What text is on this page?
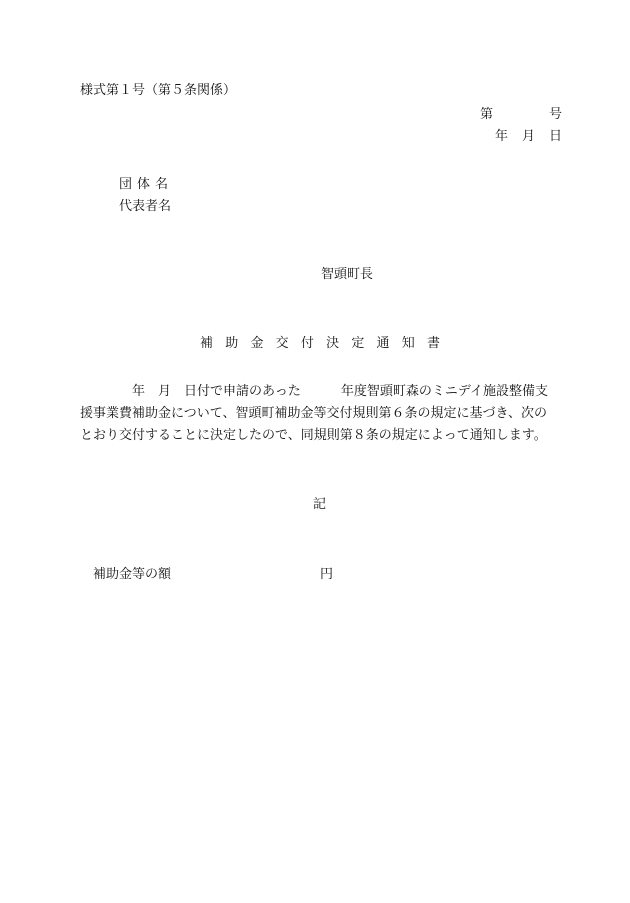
様式第１号（第５条関係）
第	号
年 月 日
団体名
代表者名
智頭町長
補 助 金 交 付 決 定 通 知 書
年 月 日付で申請のあった	年度智頭町森のミニデイ施設整備支
援事業費補助金について、智頭町補助金等交付規則第６条の規定に基づき、次の
とおり交付することに決定したので、同規則第８条の規定によって通知します。
記
補助金等の額	円
